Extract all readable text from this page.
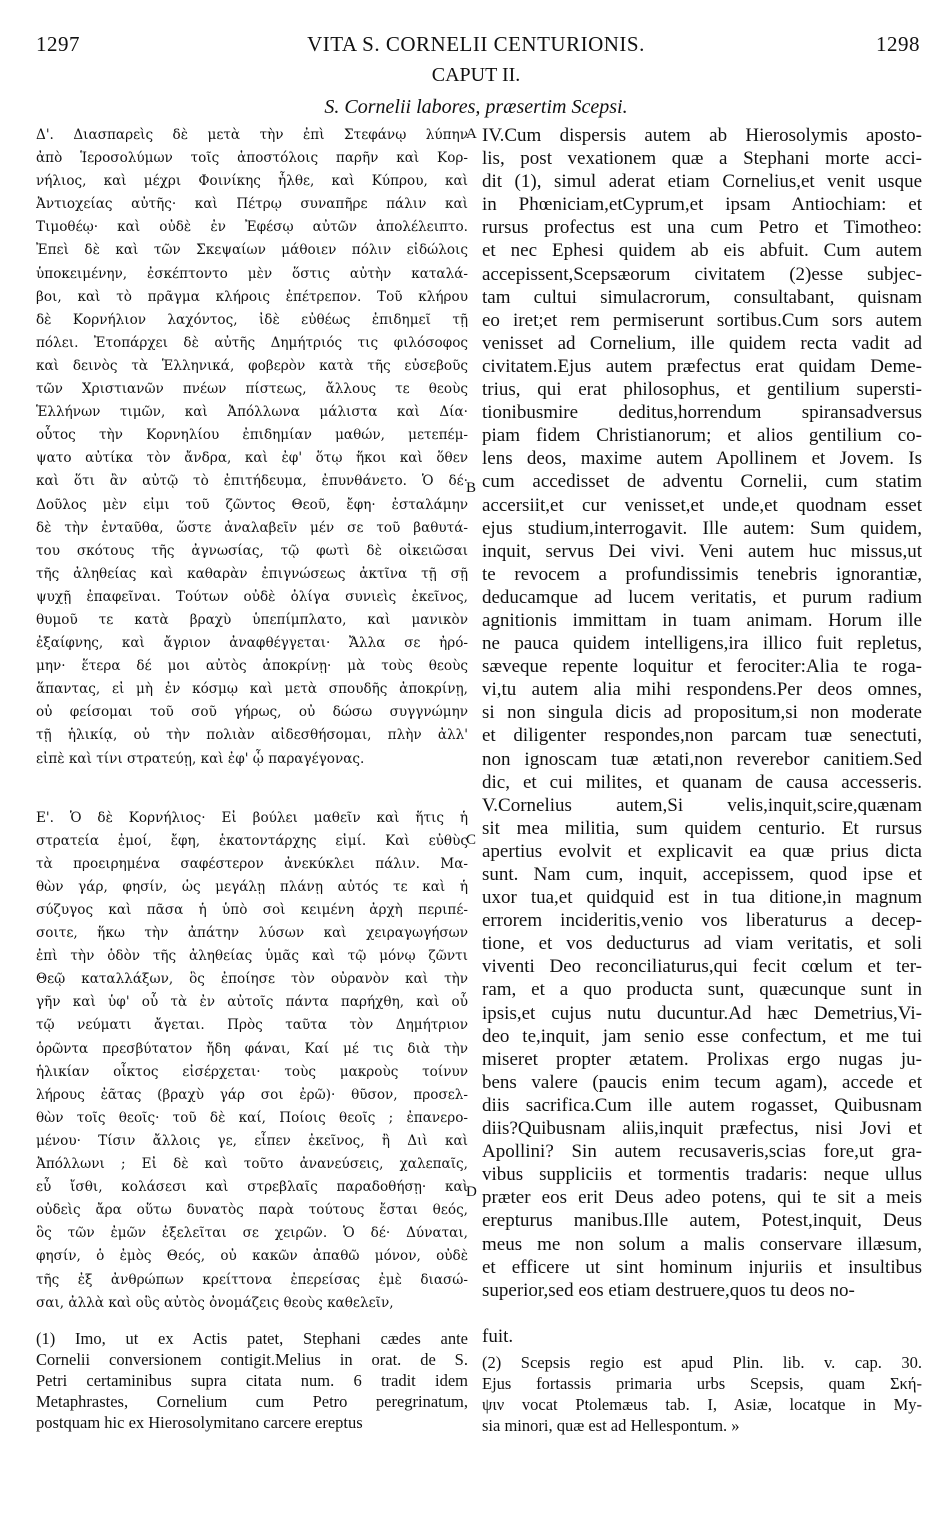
1297	VITA S. CORNELII CENTURIONIS.	1298
CAPUT II.
S. Cornelii labores, præsertim Scepsi.
Δ'. Διασπαρεὶς δὲ μετὰ τὴν ἐπὶ Στεφάνῳ λύπην
ἀπὸ Ἱεροσολύμων τοῖς ἀποστόλοις παρῆν καὶ Κορ-
νήλιος, καὶ μέχρι Φοινίκης ἦλθε, καὶ Κύπρου, καὶ
Ἀντιοχείας αὐτῆς· καὶ Πέτρῳ συναπῆρε πάλιν καὶ
Τιμοθέῳ· καὶ οὐδὲ ἐν Ἐφέσῳ αὐτῶν ἀπολέλειπτο.
Ἐπεὶ δὲ καὶ τῶν Σκεψαίων μάθοιεν πόλιν εἰδώλοις
ὑποκειμένην, ἐσκέπτοντο μὲν ὅστις αὐτὴν καταλά-
βοι, καὶ τὸ πρᾶγμα κλήροις ἐπέτρεπον. Τοῦ κλήρου
δὲ Κορνήλιον λαχόντος, ἰδὲ εὐθέως ἐπιδημεῖ τῇ
πόλει. Ἐτοπάρχει δὲ αὐτῆς Δημήτριός τις φιλόσοφος
καὶ δεινὸς τὰ Ἑλληνικά, φοβερὸν κατὰ τῆς εὐσεβοῦς
τῶν Χριστιανῶν πνέων πίστεως, ἄλλους τε θεοὺς
Ἑλλήνων τιμῶν, καὶ Ἀπόλλωνα μάλιστα καὶ Δία·
οὗτος τὴν Κορνηλίου ἐπιδημίαν μαθών, μετεπέμ-
ψατο αὐτίκα τὸν ἄνδρα, καὶ ἐφ' ὅτῳ ἥκοι καὶ ὅθεν
καὶ ὅτι ἂν αὐτῷ τὸ ἐπιτήδευμα, ἐπυνθάνετο. Ὁ δέ·
Δοῦλος μὲν εἰμι τοῦ ζῶντος Θεοῦ, ἔφη· ἐσταλάμην
δὲ τὴν ἐνταῦθα, ὥστε ἀναλαβεῖν μέν σε τοῦ βαθυτά-
του σκότους τῆς ἀγνωσίας, τῷ φωτὶ δὲ οἰκειῶσαι
τῆς ἀληθείας καὶ καθαρὰν ἐπιγνώσεως ἀκτῖνα τῇ σῇ
ψυχῇ ἐπαφεῖναι. Τούτων οὐδὲ ὀλίγα συνιεὶς ἐκεῖνος,
θυμοῦ τε κατὰ βραχὺ ὑπεπίμπλατο, καὶ μανικὸν
ἐξαίφνης, καὶ ἄγριον ἀναφθέγγεται· Ἄλλα σε ἠρό-
μην· ἕτερα δέ μοι αὐτὸς ἀποκρίνῃ· μὰ τοὺς θεοὺς
ἅπαντας, εἰ μὴ ἐν κόσμῳ καὶ μετὰ σπουδῆς ἀποκρίνῃ,
οὐ φείσομαι τοῦ σοῦ γήρως, οὐ δώσω συγγνώμην
τῇ ἡλικίᾳ, οὐ τὴν πολιὰν αἰδεσθήσομαι, πλὴν ἀλλ'
εἰπὲ καὶ τίνι στρατεύῃ, καὶ ἐφ' ᾧ παραγέγονας.
Ε'. Ὁ δὲ Κορνήλιος· Εἰ βούλει μαθεῖν καὶ ἥτις ἡ
στρατεία ἐμοί, ἔφη, ἑκατοντάρχης εἰμί. Καὶ εὐθὺς
τὰ προειρημένα σαφέστερον ἀνεκύκλει πάλιν. Μα-
θὼν γάρ, φησίν, ὡς μεγάλῃ πλάνῃ αὐτός τε καὶ ἡ
σύζυγος καὶ πᾶσα ἡ ὑπὸ σοὶ κειμένη ἀρχὴ περιπέ-
σοιτε, ἥκω τὴν ἀπάτην λύσων καὶ χειραγωγήσων
ἐπὶ τὴν ὁδὸν τῆς ἀληθείας ὑμᾶς καὶ τῷ μόνῳ ζῶντι
Θεῷ καταλλάξων, ὃς ἐποίησε τὸν οὐρανὸν καὶ τὴν
γῆν καὶ ὑφ' οὗ τὰ ἐν αὐτοῖς πάντα παρήχθη, καὶ οὗ
τῷ νεύματι ἄγεται. Πρὸς ταῦτα τὸν Δημήτριον
ὁρῶντα πρεσβύτατον ἤδη φάναι, Καί μέ τις διὰ τὴν
ἡλικίαν οἶκτος εἰσέρχεται· τοὺς μακροὺς τοίνυν
λήρους ἐᾶτας (βραχὺ γάρ σοι ἐρῶ)· θῦσον, προσελ-
θὼν τοῖς θεοῖς· τοῦ δὲ καί, Ποίοις θεοῖς ; ἐπανερο-
μένου· Τίσιν ἄλλοις γε, εἶπεν ἐκεῖνος, ἢ Διὶ καὶ
Ἀπόλλωνι ; Εἰ δὲ καὶ τοῦτο ἀνανεύσεις, χαλεπαῖς,
εὖ ἴσθι, κολάσεσι καὶ στρεβλαῖς παραδοθήσῃ· καὶ
οὐδεὶς ἄρα οὕτω δυνατὸς παρὰ τούτους ἔσται θεός,
ὃς τῶν ἐμῶν ἐξελεῖται σε χειρῶν. Ὁ δέ· Δύναται,
φησίν, ὁ ἐμὸς Θεός, οὐ κακῶν ἀπαθῶ μόνον, οὐδὲ
τῆς ἐξ ἀνθρώπων κρείττονα ἐπερείσας ἐμὲ διασώ-
σαι, ἀλλὰ καὶ οὓς αὐτὸς ὀνομάζεις θεοὺς καθελεῖν,
IV.Cum dispersis autem ab Hierosolymis aposto-
lis, post vexationem quæ a Stephani morte acci-
dit (1), simul aderat etiam Cornelius,et venit usque
in Phœniciam,etCyprum,et ipsam Antiochiam: et
rursus profectus est una cum Petro et Timotheo:
et nec Ephesi quidem ab eis abfuit. Cum autem
accepissent,Scepsæorum civitatem (2)esse subjec-
tam cultui simulacrorum, consultabant, quisnam
eo iret;et rem permiserunt sortibus.Cum sors autem
venisset ad Cornelium, ille quidem recta vadit ad
civitatem.Ejus autem præfectus erat quidam Deme-
trius, qui erat philosophus, et gentilium supersti-
tionibusmire deditus,horrendum spiransadversus
piam fidem Christianorum; et alios gentilium co-
lens deos, maxime autem Apollinem et Jovem. Is
cum accedisset de adventu Cornelii, cum statim
accersiit,et cur venisset,et unde,et quodnam esset
ejus studium,interrogavit. Ille autem: Sum quidem,
inquit, servus Dei vivi. Veni autem huc missus,ut
te revocem a profundissimis tenebris ignorantiæ,
deducamque ad lucem veritatis, et purum radium
agnitionis immittam in tuam animam. Horum ille
ne pauca quidem intelligens,ira illico fuit repletus,
sæveque repente loquitur et ferociter:Alia te roga-
vi,tu autem alia mihi respondens.Per deos omnes,
si non singula dicis ad propositum,si non moderate
et diligenter respondes,non parcam tuæ senectuti,
non ignoscam tuæ ætati,non reverebor canitiem.Sed
dic, et cui milites, et quanam de causa accesseris.
V.Cornelius autem,Si velis,inquit,scire,quænam
sit mea militia, sum quidem centurio. Et rursus
apertius evolvit et explicavit ea quæ prius dicta
sunt. Nam cum, inquit, accepissem, quod ipse et
uxor tua,et quidquid est in tua ditione,in magnum
errorem incideritis,venio vos liberaturus a decep-
tione, et vos deducturus ad viam veritatis, et soli
viventi Deo reconciliaturus,qui fecit cœlum et ter-
ram, et a quo producta sunt, quæcunque sunt in
ipsis,et cujus nutu ducuntur.Ad hæc Demetrius,Vi-
deo te,inquit, jam senio esse confectum, et me tui
miseret propter ætatem. Prolixas ergo nugas ju-
bens valere (paucis enim tecum agam), accede et
diis sacrifica.Cum ille autem rogasset, Quibusnam
diis?Quibusnam aliis,inquit præfectus, nisi Jovi et
Apollini? Sin autem recusaveris,scias fore,ut gra-
vibus suppliciis et tormentis tradaris: neque ullus
præter eos erit Deus adeo potens, qui te sit a meis
erepturus manibus.Ille autem, Potest,inquit, Deus
meus me non solum a malis conservare illæsum,
et efficere ut sint hominum injuriis et insultibus
superior,sed eos etiam destruere,quos tu deos no-
A
B
C
D
fuit.
(1) Imo, ut ex Actis patet, Stephani cædes ante
Cornelii conversionem contigit.Melius in orat. de S.
Petri certaminibus supra citata num. 6 tradit idem
Metaphrastes, Cornelium cum Petro peregrinatum,
postquam hic ex Hierosolymitano carcere ereptus
(2) Scepsis regio est apud Plin. lib. v. cap. 30.
Ejus fortassis primaria urbs Scepsis, quam Σκή-
ψιν vocat Ptolemæus tab. I, Asiæ, locatque in My-
sia minori, quæ est ad Hellespontum. »
